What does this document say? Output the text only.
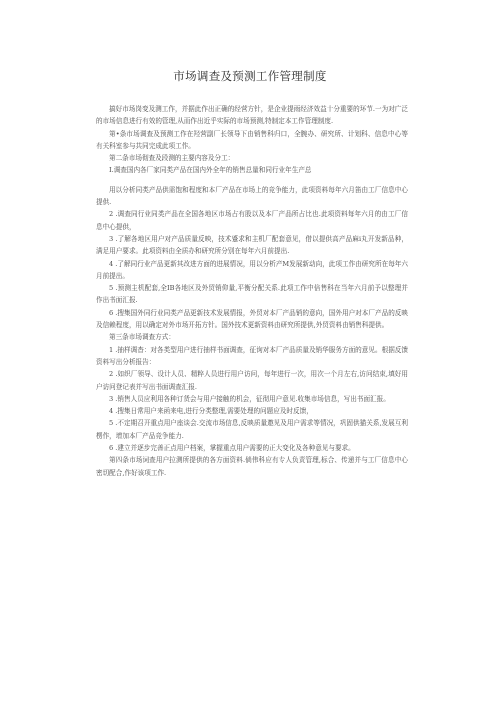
市场调查及预测工作管理制度

搞好市场岗变及测工作，并据此作出正确的经营方针，是企业提雨经济效益十分重要的环节.一为对广泛的市场信息进行有效的管理,从而作出近乎实际的市场预测,特制定本工作管理制度.

第•条市场调查及预测工作在羟营副厂长领导下由销售科归口，全腕办、研究所、计划科、信息中心等有关科室参与共同完成此项工作。

第二条市场彻查及段测的主要内容及分工：

Ⅰ.调查国内各厂家同类产品在国内外全年的销售总量和同行业年生产总

用以分析同类产品供需饱和程度和本厂产品在市场上的竞争能力，此项资料每年六月笛由工厂信息中心提供.

2 .调查同行业同类产品在全国各地区市场占有股以及本厂产品所占比也.此项资料每年六月的由工厂信息中心提供，

3 .了解各地区用户对产品质量反映，技术蹙求和主机厂配套意见，借以提供高产品麻i丸开发新品种，满足用户要求。此项资料由全质办和研究所分别在每年六月前提出.

4 .了解同行业产品更新其改进方面的进展情况，用以分析产M发展新动向，此项工作由研究所在每年六月前提出。

5 .预测主机配套,全IB各地区及外贸销仰量,平衡分配关系.此项工作中倍售科在当年六月前予以整理并作出书面汇报.

6 .搜集国外同行业同类产品更新技术发展情报，外贸对本厂产品销的意向，国外用户对本厂产品的反映及信赖程度，用以确定对外市场开拓方针。国外技术更新资料由研究所提供,外贸资料由销售科提供。

第三条市场调查方式：

1 .抽样调杳：对各类型用户进行抽样书面调查，征询对本厂产品质量及销华服务方面的意见。根据反馈资料写出分析报告：

2 .如织厂领导、设计人员、精粹人员进行用户访问，每年进行一次，用次一个月左右,访问结束,填好用户访问登记表并写出书面调查汇报.

3 .销售人员应利用各种订货会与用户接触的机会，征彻用户意见.收集市场信息，写出书面汇报。

4 .搜集日常用户来函来电,进行分类整理,需要处理的问题应及时反馈，

5 .不定期召开重点用户座谈会.交流市场信息,反映质量邀见及用户需求等情况，巩固供猫关系,发展互利楞作，增加本厂产品竞争能力.

6 .建立并逐步完善正点用户档案，掌握重点用户需要的正大变化及各种意见与要求。

第四条市场词查用户拉测所提供的各方面资料.倘伟科应有专人负责管理,标合、传递并与工厂信息中心密切配合,作好该项工作.
